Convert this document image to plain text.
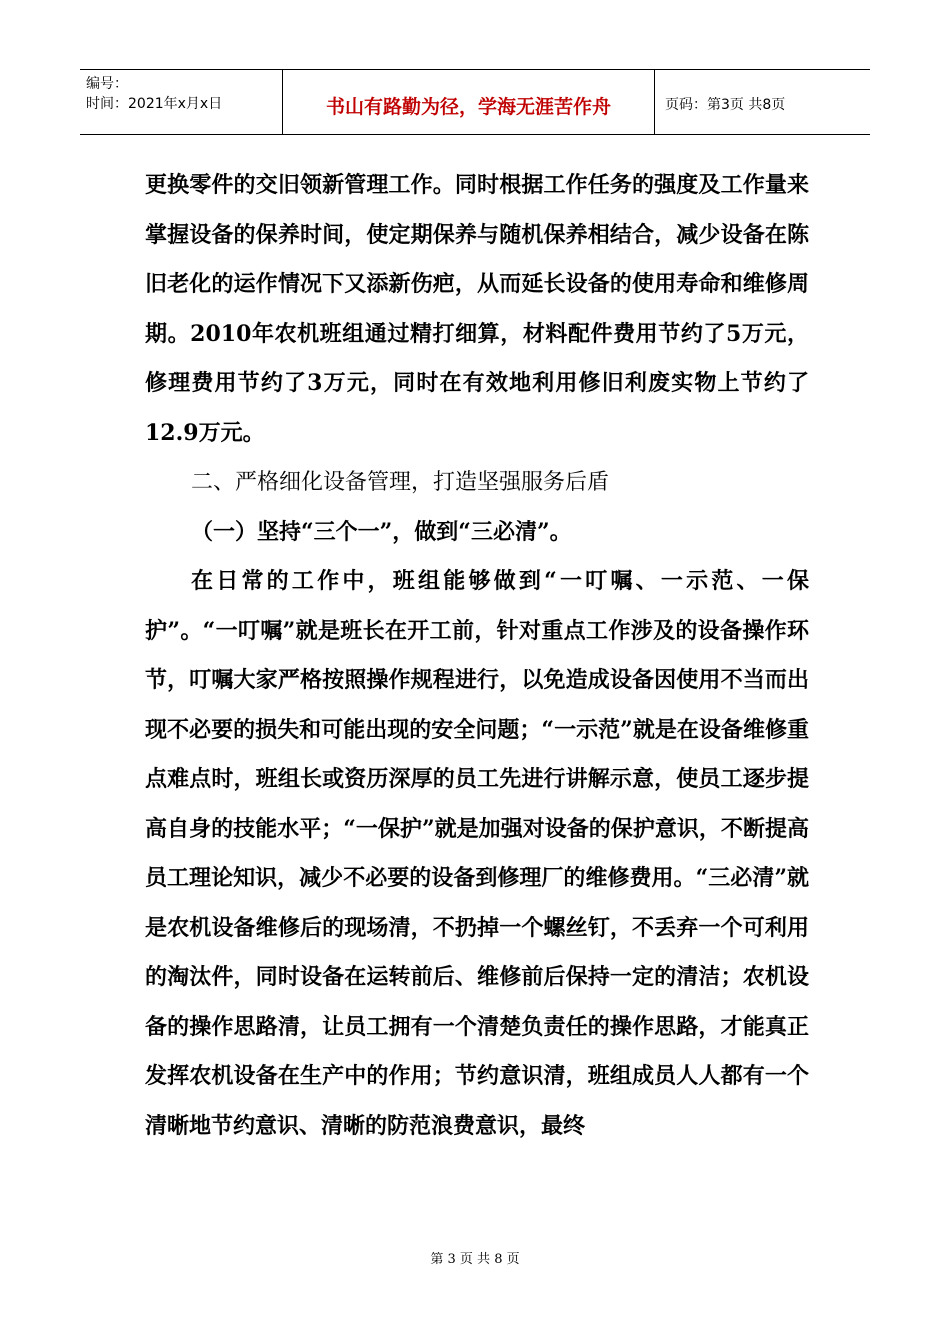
编号：
时间：2021年x月x日	书山有路勤为径，学海无涯苦作舟	页码：第3页 共8页

更换零件的交旧领新管理工作。同时根据工作任务的强度及工作量来掌握设备的保养时间，使定期保养与随机保养相结合，减少设备在陈旧老化的运作情况下又添新伤疤，从而延长设备的使用寿命和维修周期。2010年农机班组通过精打细算，材料配件费用节约了5万元，修理费用节约了3万元，同时在有效地利用修旧利废实物上节约了12.9万元。

二、严格细化设备管理，打造坚强服务后盾

（一）坚持“三个一”，做到“三必清”。

在日常的工作中，班组能够做到“一叮嘱、一示范、一保护”。“一叮嘱”就是班长在开工前，针对重点工作涉及的设备操作环节，叮嘱大家严格按照操作规程进行，以免造成设备因使用不当而出现不必要的损失和可能出现的安全问题；“一示范”就是在设备维修重点难点时，班组长或资历深厚的员工先进行讲解示意，使员工逐步提高自身的技能水平；“一保护”就是加强对设备的保护意识，不断提高员工理论知识，减少不必要的设备到修理厂的维修费用。“三必清”就是农机设备维修后的现场清，不扔掉一个螺丝钉，不丢弃一个可利用的淘汰件，同时设备在运转前后、维修前后保持一定的清洁；农机设备的操作思路清，让员工拥有一个清楚负责任的操作思路，才能真正发挥农机设备在生产中的作用；节约意识清，班组成员人人都有一个清晰地节约意识、清晰的防范浪费意识，最终

第 3 页 共 8 页
